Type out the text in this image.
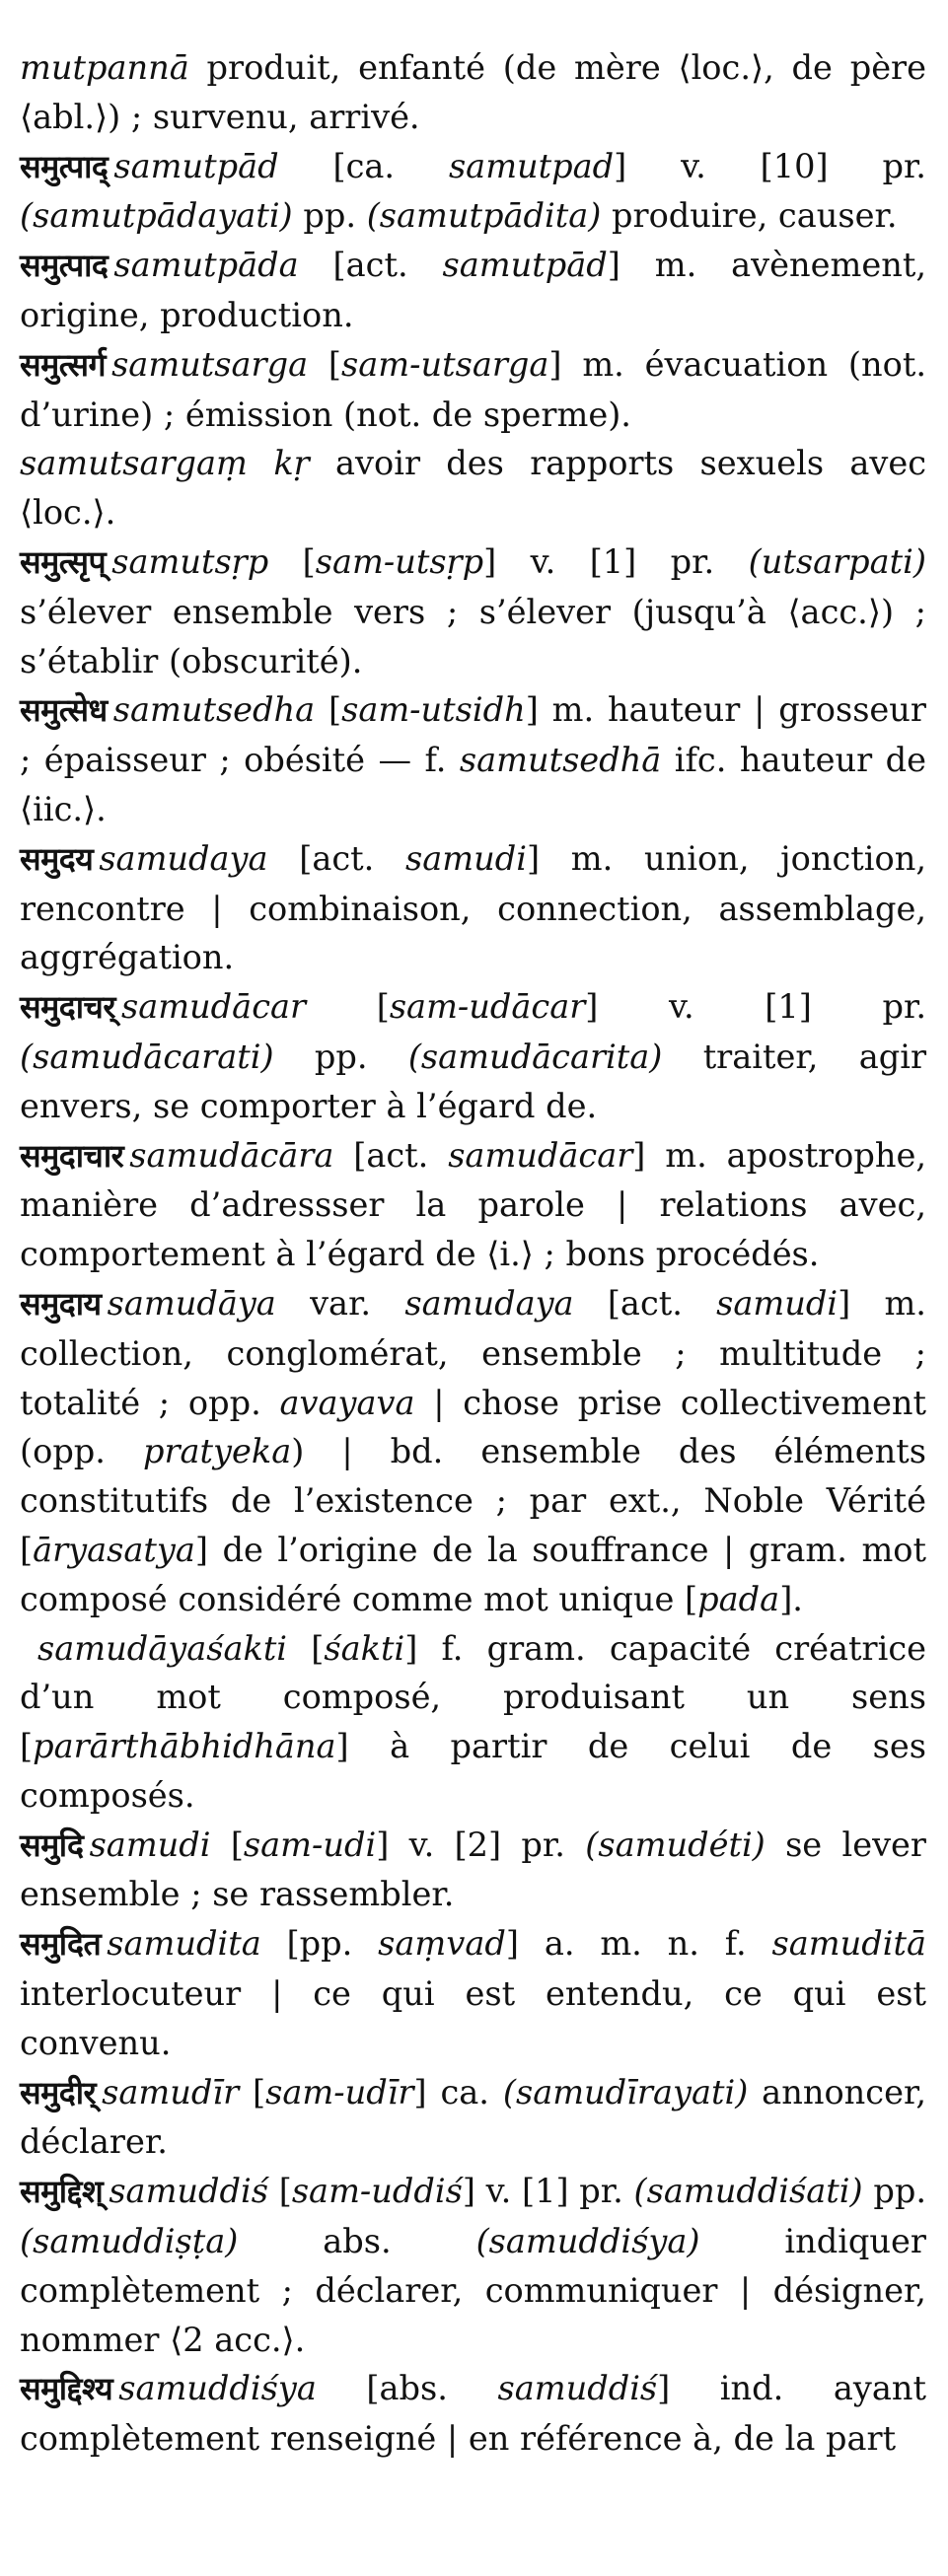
mutpannā produit, enfanté (de mère ⟨loc.⟩, de père ⟨abl.⟩) ; survenu, arrivé.

समुत्पाद् samutpād [ca. samutpad] v. [10] pr. (samutpādayati) pp. (samutpādita) produire, causer.

समुत्पाद samutpāda [act. samutpād] m. avènement, origine, production.

समुत्सर्ग samutsarga [sam-utsarga] m. évacuation (not. d’urine) ; émission (not. de sperme).

samutsargaṃ kṛ avoir des rapports sexuels avec ⟨loc.⟩.

समुत्सृप् samutsṛp [sam-utsṛp] v. [1] pr. (utsarpati) s’élever ensemble vers ; s’élever (jusqu’à ⟨acc.⟩) ; s’établir (obscurité).

समुत्सेध samutsedha [sam-utsidh] m. hauteur | grosseur ; épaisseur ; obésité — f. samutsedhā ifc. hauteur de ⟨iic.⟩.

समुदय samudaya [act. samudi] m. union, jonction, rencontre | combinaison, connection, assemblage, aggrégation.

समुदाचर् samudācar [sam-udācar] v. [1] pr. (samudācarati) pp. (samudācarita) traiter, agir envers, se comporter à l’égard de.

समुदाचार samudācāra [act. samudācar] m. apostrophe, manière d’adressser la parole | relations avec, comportement à l’égard de ⟨i.⟩ ; bons procédés.

समुदाय samudāya var. samudaya [act. samudi] m. collection, conglomérat, ensemble ; multitude ; totalité ; opp. avayava | chose prise collectivement (opp. pratyeka) | bd. ensemble des éléments constitutifs de l’existence ; par ext., Noble Vérité [āryasatya] de l’origine de la souffrance | gram. mot composé considéré comme mot unique [pada].

samudāyaśakti [śakti] f. gram. capacité créatrice d’un mot composé, produisant un sens [parārthābhidhāna] à partir de celui de ses composés.

समुदि samudi [sam-udi] v. [2] pr. (samudéti) se lever ensemble ; se rassembler.

समुदित samudita [pp. saṃvad] a. m. n. f. samuditā interlocuteur | ce qui est entendu, ce qui est convenu.

समुदीर् samudīr [sam-udīr] ca. (samudīrayati) annoncer, déclarer.

समुद्दिश् samuddiś [sam-uddiś] v. [1] pr. (samuddiśati) pp. (samuddiṣṭa) abs. (samuddiśya) indiquer complètement ; déclarer, communiquer | désigner, nommer ⟨2 acc.⟩.

समुद्दिश्य samuddiśya [abs. samuddiś] ind. ayant complètement renseigné | en référence à, de la part
